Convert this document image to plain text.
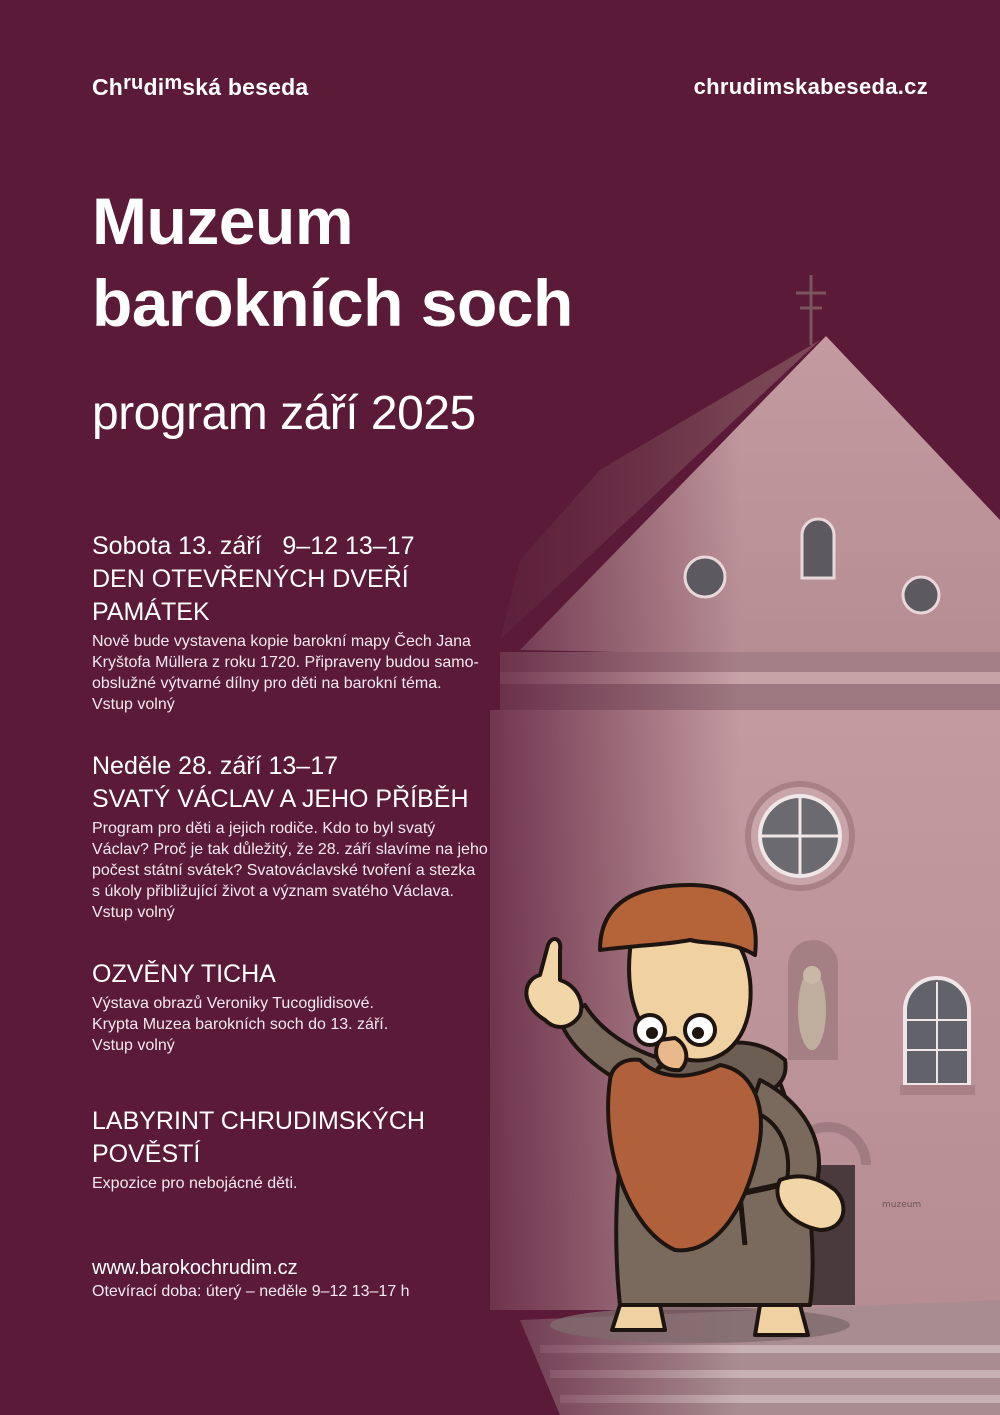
muzeum
Chrudimská beseda	chrudimskabeseda.cz
Muzeum
barokních soch
program září 2025

Sobota 13. září   9–12 13–17

DEN OTEVŘENÝCH DVEŘÍ
PAMÁTEK

Nově bude vystavena kopie barokní mapy Čech Jana
Kryštofa Müllera z roku 1720. Připraveny budou samo-
obslužné výtvarné dílny pro děti na barokní téma.

Vstup volný

Neděle 28. září 13–17

SVATÝ VÁCLAV A JEHO PŘÍBĚH

Program pro děti a jejich rodiče. Kdo to byl svatý
Václav? Proč je tak důležitý, že 28. září slavíme na jeho
počest státní svátek? Svatováclavské tvoření a stezka
s úkoly přibližující život a význam svatého Václava.

Vstup volný

OZVĚNY TICHA

Výstava obrazů Veroniky Tucoglidisové.
Krypta Muzea barokních soch do 13. září.

Vstup volný

LABYRINT CHRUDIMSKÝCH
POVĚSTÍ

Expozice pro nebojácné děti.

www.barokochrudim.cz
Otevírací doba: úterý – neděle 9–12 13–17 h
